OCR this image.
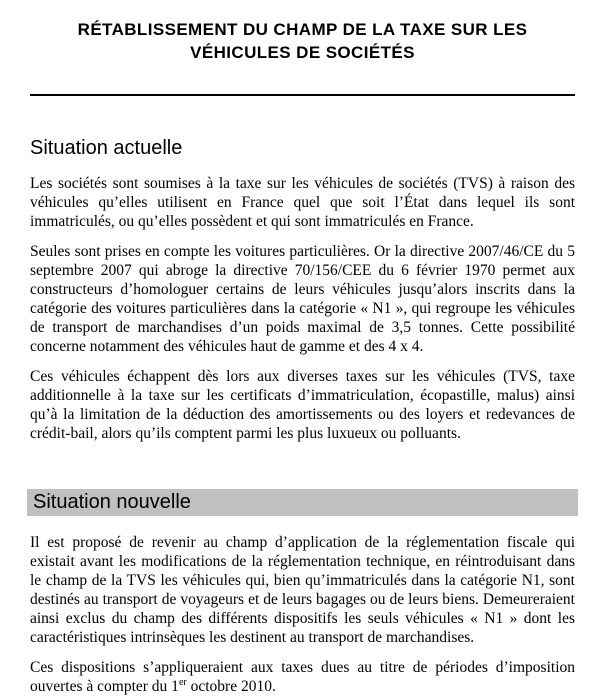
RÉTABLISSEMENT DU CHAMP DE LA TAXE SUR LES VÉHICULES DE SOCIÉTÉS
Situation actuelle

Les sociétés sont soumises à la taxe sur les véhicules de sociétés (TVS) à raison des véhicules qu’elles utilisent en France quel que soit l’État dans lequel ils sont immatriculés, ou qu’elles possèdent et qui sont immatriculés en France.

Seules sont prises en compte les voitures particulières. Or la directive 2007/46/CE du 5 septembre 2007 qui abroge la directive 70/156/CEE du 6 février 1970 permet aux constructeurs d’homologuer certains de leurs véhicules jusqu’alors inscrits dans la catégorie des voitures particulières dans la catégorie « N1 », qui regroupe les véhicules de transport de marchandises d’un poids maximal de 3,5 tonnes. Cette possibilité concerne notamment des véhicules haut de gamme et des 4 x 4.

Ces véhicules échappent dès lors aux diverses taxes sur les véhicules (TVS, taxe additionnelle à la taxe sur les certificats d’immatriculation, écopastille, malus) ainsi qu’à la limitation de la déduction des amortissements ou des loyers et redevances de crédit-bail, alors qu’ils comptent parmi les plus luxueux ou polluants.

Situation nouvelle

Il est proposé de revenir au champ d’application de la réglementation fiscale qui existait avant les modifications de la réglementation technique, en réintroduisant dans le champ de la TVS les véhicules qui, bien qu’immatriculés dans la catégorie N1, sont destinés au transport de voyageurs et de leurs bagages ou de leurs biens. Demeureraient ainsi exclus du champ des différents dispositifs les seuls véhicules « N1 » dont les caractéristiques intrinsèques les destinent au transport de marchandises.

Ces dispositions s’appliqueraient aux taxes dues au titre de périodes d’imposition ouvertes à compter du 1er octobre 2010.
